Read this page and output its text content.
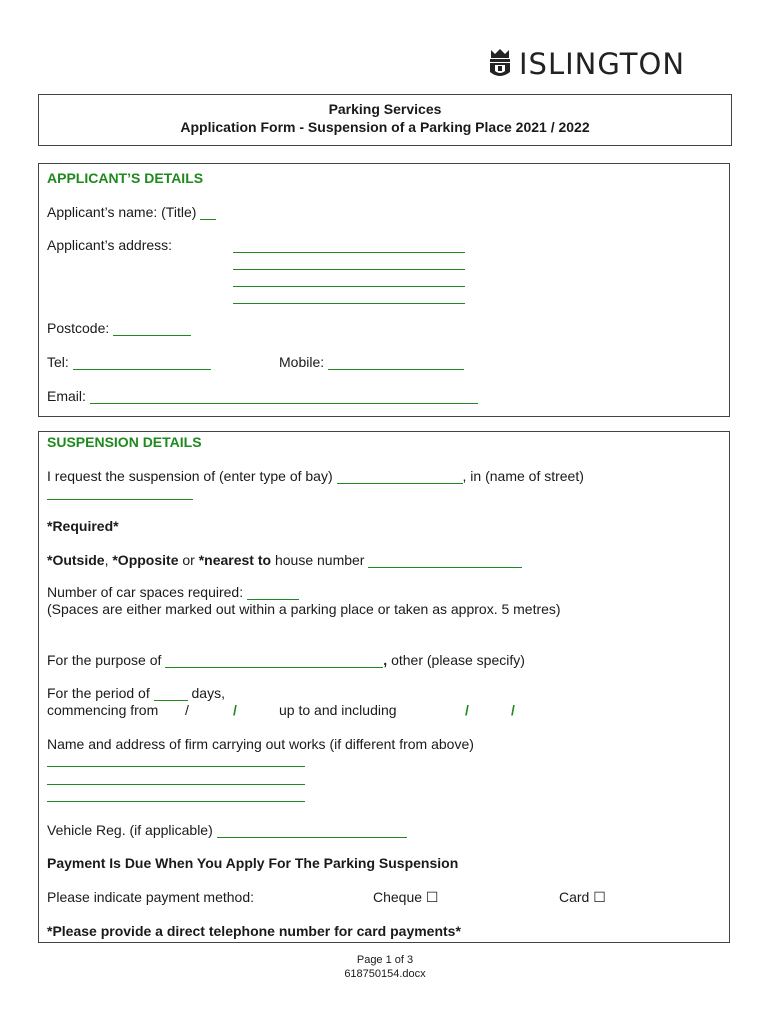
ISLINGTON
Parking Services
Application Form - Suspension of a Parking Place 2021 / 2022
APPLICANT’S DETAILS
Applicant’s name: (Title)
Applicant’s address:
Postcode:
Tel:	Mobile:
Email:
SUSPENSION DETAILS
I request the suspension of (enter type of bay)	, in (name of street)
*Required*
*Outside, *Opposite or *nearest to house number
Number of car spaces required:
(Spaces are either marked out within a parking place or taken as approx. 5 metres)
For the purpose of	, other (please specify)
For the period of	days,
commencing from /	/	up to and including	/	/
Name and address of firm carrying out works (if different from above)
Vehicle Reg. (if applicable)
Payment Is Due When You Apply For The Parking Suspension
Please indicate payment method:	Cheque ☐	Card ☐
*Please provide a direct telephone number for card payments*
Page 1 of 3
618750154.docx
